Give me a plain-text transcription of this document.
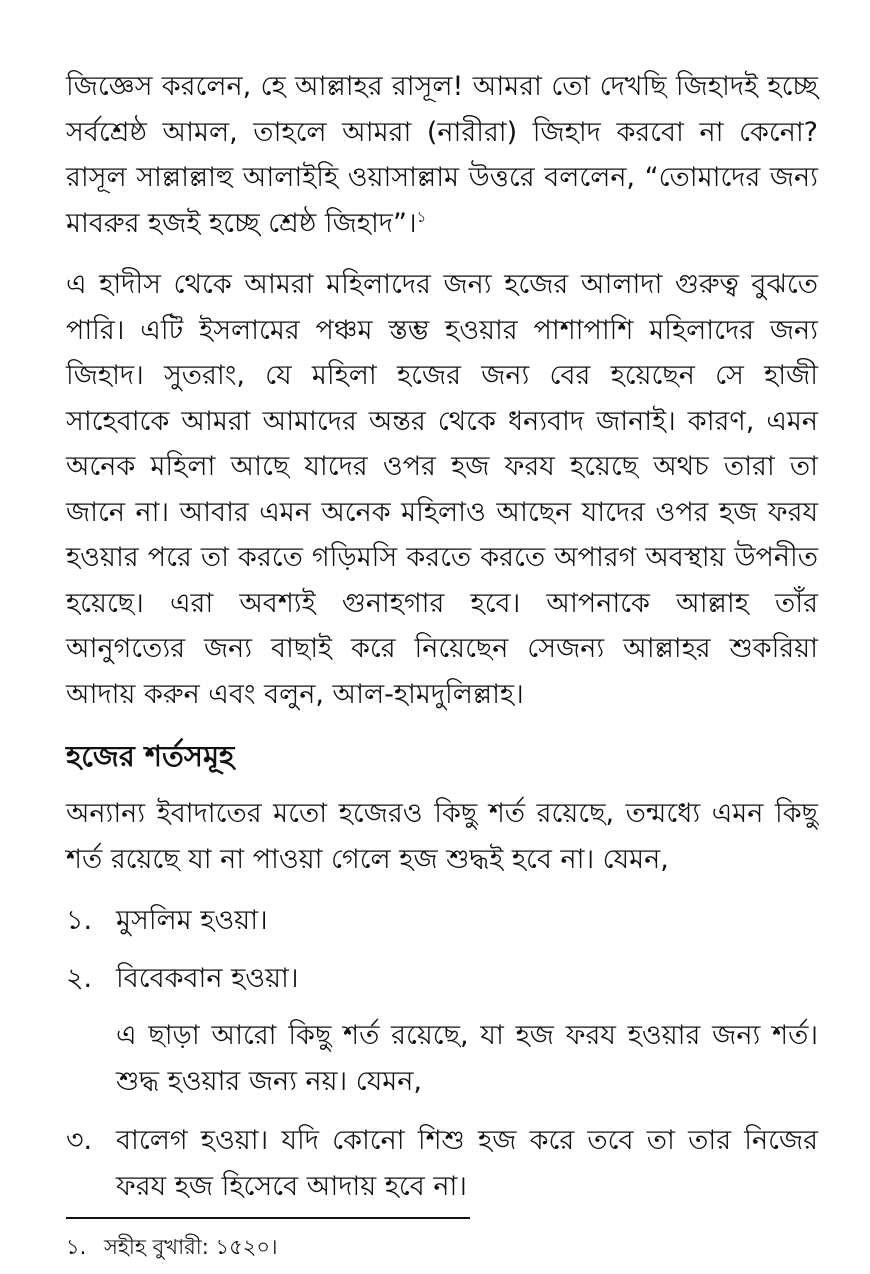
জিজ্ঞেস করলেন, হে আল্লাহর রাসূল! আমরা তো দেখছি জিহাদই হচ্ছে সর্বশ্রেষ্ঠ আমল, তাহলে আমরা (নারীরা) জিহাদ করবো না কেনো? রাসূল সাল্লাল্লাহু আলাইহি ওয়াসাল্লাম উত্তরে বললেন, “তোমাদের জন্য মাবরুর হজই হচ্ছে শ্রেষ্ঠ জিহাদ”।$^১$

এ হাদীস থেকে আমরা মহিলাদের জন্য হজের আলাদা গুরুত্ব বুঝতে পারি। এটি ইসলামের পঞ্চম স্তম্ভ হওয়ার পাশাপাশি মহিলাদের জন্য জিহাদ। সুতরাং, যে মহিলা হজের জন্য বের হয়েছেন সে হাজী সাহেবাকে আমরা আমাদের অন্তর থেকে ধন্যবাদ জানাই। কারণ, এমন অনেক মহিলা আছে যাদের ওপর হজ ফরয হয়েছে অথচ তারা তা জানে না। আবার এমন অনেক মহিলাও আছেন যাদের ওপর হজ ফরয হওয়ার পরে তা করতে গড়িমসি করতে করতে অপারগ অবস্থায় উপনীত হয়েছে। এরা অবশ্যই গুনাহগার হবে। আপনাকে আল্লাহ তাঁর আনুগত্যের জন্য বাছাই করে নিয়েছেন সেজন্য আল্লাহর শুকরিয়া আদায় করুন এবং বলুন, আল-হামদুলিল্লাহ।

হজের শর্তসমূহ

অন্যান্য ইবাদাতের মতো হজেরও কিছু শর্ত রয়েছে, তন্মধ্যে এমন কিছু শর্ত রয়েছে যা না পাওয়া গেলে হজ শুদ্ধই হবে না। যেমন,

১. মুসলিম হওয়া।
২. বিবেকবান হওয়া।

এ ছাড়া আরো কিছু শর্ত রয়েছে, যা হজ ফরয হওয়ার জন্য শর্ত। শুদ্ধ হওয়ার জন্য নয়। যেমন,

৩. বালেগ হওয়া। যদি কোনো শিশু হজ করে তবে তা তার নিজের ফরয হজ হিসেবে আদায় হবে না।
১. সহীহ বুখারী: ১৫২০।
